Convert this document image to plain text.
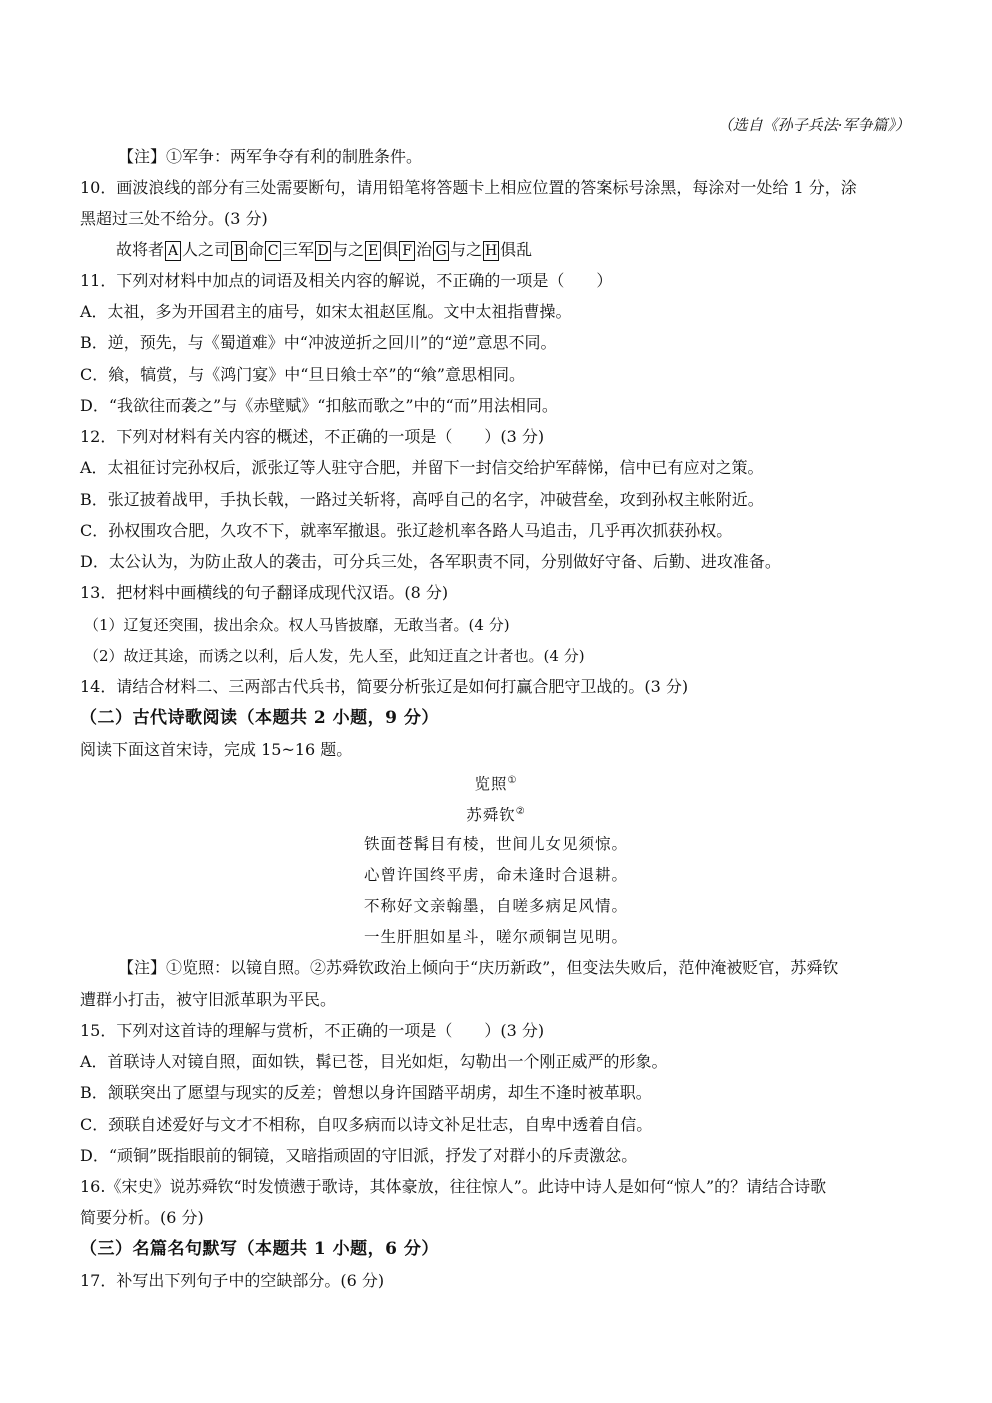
（选自《孙子兵法·军争篇》）
【注】①军争：两军争夺有利的制胜条件。
10．画波浪线的部分有三处需要断句，请用铅笔将答题卡上相应位置的答案标号涂黑，每涂对一处给 1 分，涂
黑超过三处不给分。(3 分)
故将者 A 人之司 B 命 C 三军 D 与之 E 俱 F 治 G 与之 H 俱乱
11．下列对材料中加点的词语及相关内容的解说，不正确的一项是（　　）
A．太祖，多为开国君主的庙号，如宋太祖赵匡胤。文中太祖指曹操。
B．逆，预先，与《蜀道难》中“冲波逆折之回川”的“逆”意思不同。
C．飨，犒赏，与《鸿门宴》中“旦日飨士卒”的“飨”意思相同。
D．“我欲往而袭之”与《赤壁赋》“扣舷而歌之”中的“而”用法相同。
12．下列对材料有关内容的概述，不正确的一项是（　　）(3 分)
A．太祖征讨完孙权后，派张辽等人驻守合肥，并留下一封信交给护军薛悌，信中已有应对之策。
B．张辽披着战甲，手执长戟，一路过关斩将，高呼自己的名字，冲破营垒，攻到孙权主帐附近。
C．孙权围攻合肥，久攻不下，就率军撤退。张辽趁机率各路人马追击，几乎再次抓获孙权。
D．太公认为，为防止敌人的袭击，可分兵三处，各军职责不同，分别做好守备、后勤、进攻准备。
13．把材料中画横线的句子翻译成现代汉语。(8 分)
（1）辽复还突围，拔出余众。权人马皆披靡，无敢当者。(4 分)
（2）故迂其途，而诱之以利，后人发，先人至，此知迂直之计者也。(4 分)
14．请结合材料二、三两部古代兵书，简要分析张辽是如何打赢合肥守卫战的。(3 分)
（二）古代诗歌阅读（本题共 2 小题，9 分）
阅读下面这首宋诗，完成 15~16 题。
览照①
苏舜钦②
铁面苍髯目有棱，世间儿女见须惊。
心曾许国终平虏，命未逢时合退耕。
不称好文亲翰墨，自嗟多病足风情。
一生肝胆如星斗，嗟尔顽铜岂见明。
【注】①览照：以镜自照。②苏舜钦政治上倾向于“庆历新政”，但变法失败后，范仲淹被贬官，苏舜钦
遭群小打击，被守旧派革职为平民。
15．下列对这首诗的理解与赏析，不正确的一项是（　　）(3 分)
A．首联诗人对镜自照，面如铁，髯已苍，目光如炬，勾勒出一个刚正威严的形象。
B．颔联突出了愿望与现实的反差；曾想以身许国踏平胡虏，却生不逢时被革职。
C．颈联自述爱好与文才不相称，自叹多病而以诗文补足壮志，自卑中透着自信。
D．“顽铜”既指眼前的铜镜，又暗指顽固的守旧派，抒发了对群小的斥责激忿。
16.《宋史》说苏舜钦“时发愤懑于歌诗，其体豪放，往往惊人”。此诗中诗人是如何“惊人”的？请结合诗歌
简要分析。(6 分)
（三）名篇名句默写（本题共 1 小题，6 分）
17．补写出下列句子中的空缺部分。(6 分)
